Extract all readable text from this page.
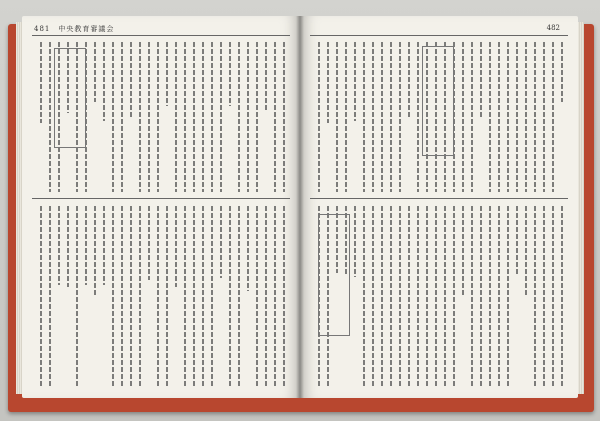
481 中央教育審議会	482
